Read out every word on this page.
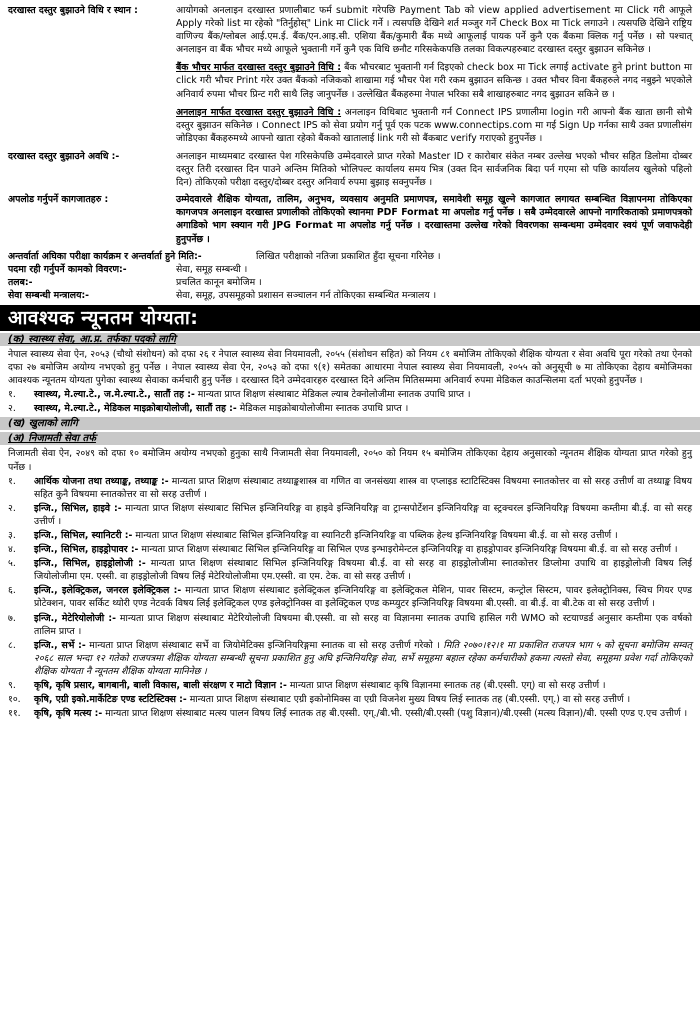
दरखास्त दस्तुर बुझाउने विधि र स्थान :	आयोगको अनलाइन दरखास्त प्रणालीबाट फर्म submit गरेपछि Payment Tab को view applied advertisement मा Click गरी आफूले Apply गरेको list मा रहेको "तिर्नुहोस्" Link मा Click गर्ने । त्यसपछि देखिने शर्त मञ्जुर गर्ने Check Box मा Tick लगाउने । त्यसपछि देखिने राष्ट्रिय वाणिज्य बैंक/ग्लोबल आई.एम.ई. बैंक/एन.आइ.सी. एशिया बैंक/कुमारी बैंक मध्ये आफूलाई पायक पर्ने कुनै एक बैंकमा क्लिक गर्नु पर्नेछ । सो पश्चात् अनलाइन वा बैंक भौचर मध्ये आफूले भुक्तानी गर्ने कुनै एक विधि छनौट गरिसकेकपछि तलका विकल्पहरुबाट दरखास्त दस्तुर बुझाउन सकिनेछ ।
बैंक भौचर मार्फत दरखास्त दस्तुर बुझाउने विधि : बैंक भौचरबाट भुक्तानी गर्न दिइएको check box मा Tick लगाई activate हुने print button मा click गरी भौचर Print गरेर उक्त बैंकको नजिकको शाखामा गई भौचर पेश गरी रकम बुझाउन सकिन्छ । उक्त भौचर विना बैंकहरुले नगद नबुझ्ने भएकोले अनिवार्य रुपमा भौचर प्रिन्ट गरी साथै लिइ जानुपर्नेछ । उल्लेखित बैंकहरुमा नेपाल भरिका सबै शाखाहरुबाट नगद बुझाउन सकिने छ ।
अनलाइन मार्फत दरखास्त दस्तुर बुझाउने विधि : अनलाइन विधिबाट भुक्तानी गर्न Connect IPS प्रणालीमा login गरी आफ्नो बैंक खाता छानी सोभै दस्तुर बुझाउन सकिनेछ । Connect IPS को सेवा प्रयोग गर्नु पूर्व एक पटक www.connectips.com मा गई Sign Up गर्नका साथै उक्त प्रणालीसंग जोडिएका बैंकहरुमध्ये आफ्नो खाता रहेको बैंकको खातालाई link गरी सो बैंकबाट verify गराएको हुनुपर्नेछ ।
दरखास्त दस्तुर बुझाउने अवधि :-	अनलाइन माध्यमबाट दरखास्त पेश गरिसकेपछि उम्मेदवारले प्राप्त गरेको Master ID र कारोबार संकेत नम्बर उल्लेख भएको भौचर सहित डिलोमा दोब्बर दस्तुर तिरी दरखास्त दिन पाउने अन्तिम मितिको भोलिपल्ट कार्यालय समय भित्र (उक्त दिन सार्वजनिक बिदा पर्न गएमा सो पछि कार्यालय खुलेको पहिलो दिन) तोकिएको परीक्षा दस्तुर/दोब्बर दस्तुर अनिवार्य रुपमा बुझाइ सक्नुपर्नेछ ।
अपलोड गर्नुपर्ने कागजातहरु :	उम्मेदवारले शैक्षिक योग्यता, तालिम, अनुभव, व्यवसाय अनुमति प्रमाणपत्र, समावेशी समूह खुल्ने कागजात लगायत सम्बन्धित विज्ञापनमा तोकिएका कागजपत्र अनलाइन दरखास्त प्रणालीको तोकिएको स्थानमा PDF Format मा अपलोड गर्नु पर्नेछ । सबै उम्मेदवारले आफ्नो नागरिकताको प्रमाणपत्रको अगाडिको भाग स्क्यान गरी JPG Format मा अपलोड गर्नु पर्नेछ । दरखास्तमा उल्लेख गरेको विवरणका सम्बन्धमा उम्मेदवार स्वयं पूर्ण जवाफदेही हुनुपर्नेछ ।
अन्तर्वार्ता अघिका परीक्षा कार्यक्रम र अन्तर्वार्ता हुने मिति:-	लिखित परीक्षाको नतिजा प्रकाशित हुँदा सूचना गरिनेछ ।
पदमा रही गर्नुपर्ने कामको विवरण:-	सेवा, समूह सम्बन्धी ।
तलब:-	प्रचलित कानून बमोजिम ।
सेवा सम्बन्धी मन्त्रालय:-	सेवा, समूह, उपसमूहको प्रशासन सञ्चालन गर्न तोकिएका सम्बन्धित मन्त्रालय ।
आवश्यक न्यूनतम योग्यता:
(क) स्वास्थ्य सेवा, आ.प्र. तर्फका पदको लागि
नेपाल स्वास्थ्य सेवा ऐन, २०५३ (चौथो संशोधन) को दफा २६ र नेपाल स्वास्थ्य सेवा नियमावली, २०५५ (संशोधन सहित) को नियम ८१ बमोजिम तोकिएको शैक्षिक योग्यता र सेवा अवधि पूरा गरेको तथा ऐनको दफा २७ बमोजिम अयोग्य नभएको हुनु पर्नेछ । नेपाल स्वास्थ्य सेवा ऐन, २०५३ को दफा ९(१) समेतका आधारमा नेपाल स्वास्थ्य सेवा नियमावली, २०५५ को अनुसूची ७ मा तोकिएका देहाय बमोजिमका आवश्यक न्यूनतम योग्यता पुगेका स्वास्थ्य सेवाका कर्मचारी हुनु पर्नेछ । दरखास्त दिने उम्मेदवारहरु दरखास्त दिने अन्तिम मितिसम्ममा अनिवार्य रुपमा मेडिकल काउन्सिलमा दर्ता भएको हुनुपर्नेछ ।
१.	स्वास्थ्य, मे.ल्या.टे., ज.मे.ल्या.टे., सातौं तह :- मान्यता प्राप्त शिक्षण संस्थाबाट मेडिकल ल्याब टेक्नोलोजीमा स्नातक उपाधि प्राप्त ।
२.	स्वास्थ्य, मे.ल्या.टे., मेडिकल माइक्रोबायोलोजी, सातौं तह :- मेडिकल माइक्रोबायोलोजीमा स्नातक उपाधि प्राप्त ।
(ख) खुलाको लागि
(अ) निजामती सेवा तर्फ
निजामती सेवा ऐन, २०४९ को दफा १० बमोजिम अयोग्य नभएको हुनुका साथै निजामती सेवा नियमावली, २०५० को नियम १५ बमोजिम तोकिएका देहाय अनुसारको न्यूनतम शैक्षिक योग्यता प्राप्त गरेको हुनु पर्नेछ ।
१.	आर्थिक योजना तथा तथ्याङ्क, तथ्याङ्क :- मान्यता प्राप्त शिक्षण संस्थाबाट तथ्याङ्कशास्त्र वा गणित वा जनसंख्या शास्त्र वा एप्लाइड स्टाटिस्टिक्स विषयमा स्नातकोत्तर वा सो सरह उत्तीर्ण वा तथ्याङ्क विषय सहित कुनै विषयमा स्नातकोत्तर वा सो सरह उत्तीर्ण ।
२.	इन्जि., सिभिल, हाइवे :- मान्यता प्राप्त शिक्षण संस्थाबाट सिभिल इन्जिनियरिङ्ग वा हाइवे इन्जिनियरिङ्ग वा ट्रान्सपोर्टेशन इन्जिनियरिङ्ग वा स्ट्रक्चरल इन्जिनियरिङ्ग विषयमा कम्तीमा बी.ई. वा सो सरह उत्तीर्ण ।
३.	इन्जि., सिभिल, स्यानिटरी :- मान्यता प्राप्त शिक्षण संस्थाबाट सिभिल इन्जिनियरिङ्ग वा स्यानिटरी इन्जिनियरिङ्ग वा पब्लिक हेल्थ इन्जिनियरिङ्ग विषयमा बी.ई. वा सो सरह उत्तीर्ण ।
४.	इन्जि., सिभिल, हाइड्रोपावर :- मान्यता प्राप्त शिक्षण संस्थाबाट सिभिल इन्जिनियरिङ्ग वा सिभिल एण्ड इन्भाइरोमेन्टल इन्जिनियरिङ्ग वा हाइड्रोपावर इन्जिनियरिङ्ग विषयमा बी.ई. वा सो सरह उत्तीर्ण ।
५.	इन्जि., सिभिल, हाइड्रोलोजी :- मान्यता प्राप्त शिक्षण संस्थाबाट सिभिल इन्जिनियरिङ्ग विषयमा बी.ई. वा सो सरह वा हाइड्रोलोजीमा स्नातकोत्तर डिप्लोमा उपाधि वा हाइड्रोलोजी विषय लिई जियोलोजीमा एम. एस्सी. वा हाइड्रोलोजी विषय लिई मेटेरियोलोजीमा एम.एस्सी. वा एम. टेक. वा सो सरह उत्तीर्ण ।
६.	इन्जि., इलेक्ट्रिकल, जनरल इलेक्ट्रिकल :- मान्यता प्राप्त शिक्षण संस्थाबाट इलेक्ट्रिकल इन्जिनियरिङ्ग वा इलेक्ट्रिकल मेशिन, पावर सिस्टम, कन्ट्रोल सिस्टम, पावर इलेक्ट्रोनिक्स, स्विच गियर एण्ड प्रोटेक्शन, पावर सर्किट थ्योरी एण्ड नेटवर्क विषय लिई इलेक्ट्रिकल एण्ड इलेक्ट्रोनिक्स वा इलेक्ट्रिकल एण्ड कम्प्युटर इन्जिनियरिङ्ग विषयमा बी.एस्सी. वा बी.ई. वा बी.टेक वा सो सरह उत्तीर्ण ।
७.	इन्जि., मेटेरियोलोजी :- मान्यता प्राप्त शिक्षण संस्थाबाट मेटेरियोलोजी विषयमा बी.एस्सी. वा सो सरह वा विज्ञानमा स्नातक उपाधि हासिल गरी WMO को स्टयाण्डर्ड अनुसार कम्तीमा एक वर्षको तालिम प्राप्त ।
८.	इन्जि., सर्भे :- मान्यता प्राप्त शिक्षण संस्थाबाट सर्भे वा जियोमेटिक्स इन्जिनियरिङ्गमा स्नातक वा सो सरह उत्तीर्ण गरेको । मिति २०७०।१२।१ मा प्रकाशित राजपत्र भाग ५ को सूचना बमोजिम सम्वत् २०६८ साल भन्दा १२ गतेको राजपत्रमा शैक्षिक योग्यता सम्बन्धी सूचना प्रकाशित हुनु अघि इन्जिनियरिङ्ग सेवा, सर्भे समूहमा बहाल रहेका कर्मचारीको हकमा त्यस्तो सेवा, समूहमा प्रवेश गर्दा तोकिएको शैक्षिक योग्यता नै न्यूनतम शैक्षिक योग्यता मानिनेछ ।
९.	कृषि, कृषि प्रसार, बागबानी, बाली विकास, बाली संरक्षण र माटो विज्ञान :- मान्यता प्राप्त शिक्षण संस्थाबाट कृषि विज्ञानमा स्नातक तह (बी.एस्सी. एग्) वा सो सरह उत्तीर्ण ।
१०.	कृषि, एग्री इको.मार्केटिङ एण्ड स्टटिस्टिक्स :- मान्यता प्राप्त शिक्षण संस्थाबाट एग्री इकोनोमिक्स वा एग्री विजनेश मुख्य विषय लिई स्नातक तह (बी.एस्सी. एग्.) वा सो सरह उत्तीर्ण ।
११.	कृषि, कृषि मत्स्य :- मान्यता प्राप्त शिक्षण संस्थाबाट मत्स्य पालन विषय लिई स्नातक तह बी.एस्सी. एग्./बी.भी. एस्सी/बी.एस्सी (पशु विज्ञान)/बी.एस्सी (मत्स्य विज्ञान)/बी. एस्सी एण्ड ए.एच उत्तीर्ण ।
